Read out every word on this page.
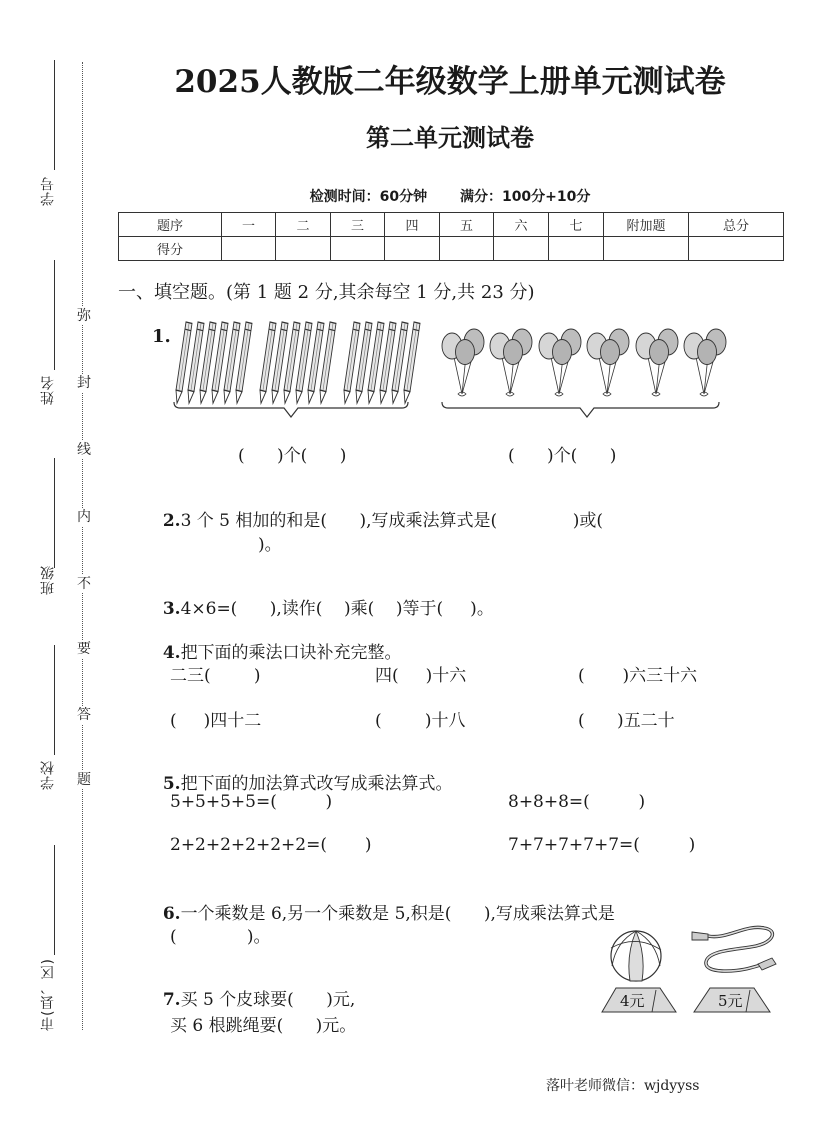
学号
姓名
班级
学校
市(县、区)
弥
封
线
内
不
要
答
题
2025人教版二年级数学上册单元测试卷
第二单元测试卷
检测时间：60分钟 满分：100分+10分
题序	一	二	三	四	五	六	七	附加题	总分
得分									
一、填空题。(第 1 题 2 分,其余每空 1 分,共 23 分)
1.
(      )个(      )	(      )个(      )

2.3 个 5 相加的和是(      ),写成乘法算式是(              )或(

)。

3.4×6=(      ),读作(    )乘(    )等于(     )。

4.把下面的乘法口诀补充完整。

二三(        )	四(     )十六	(       )六三十六
(     )四十二	(        )十八	(      )五二十

5.把下面的加法算式改写成乘法算式。

5+5+5+5=(         )	8+8+8=(         )
2+2+2+2+2+2=(       )	7+7+7+7+7=(         )

6.一个乘数是 6,另一个乘数是 5,积是(      ),写成乘法算式是

(             )。

7.买 5 个皮球要(      )元,

买 6 根跳绳要(      )元。
4元	5元
落叶老师微信：wjdyyss
